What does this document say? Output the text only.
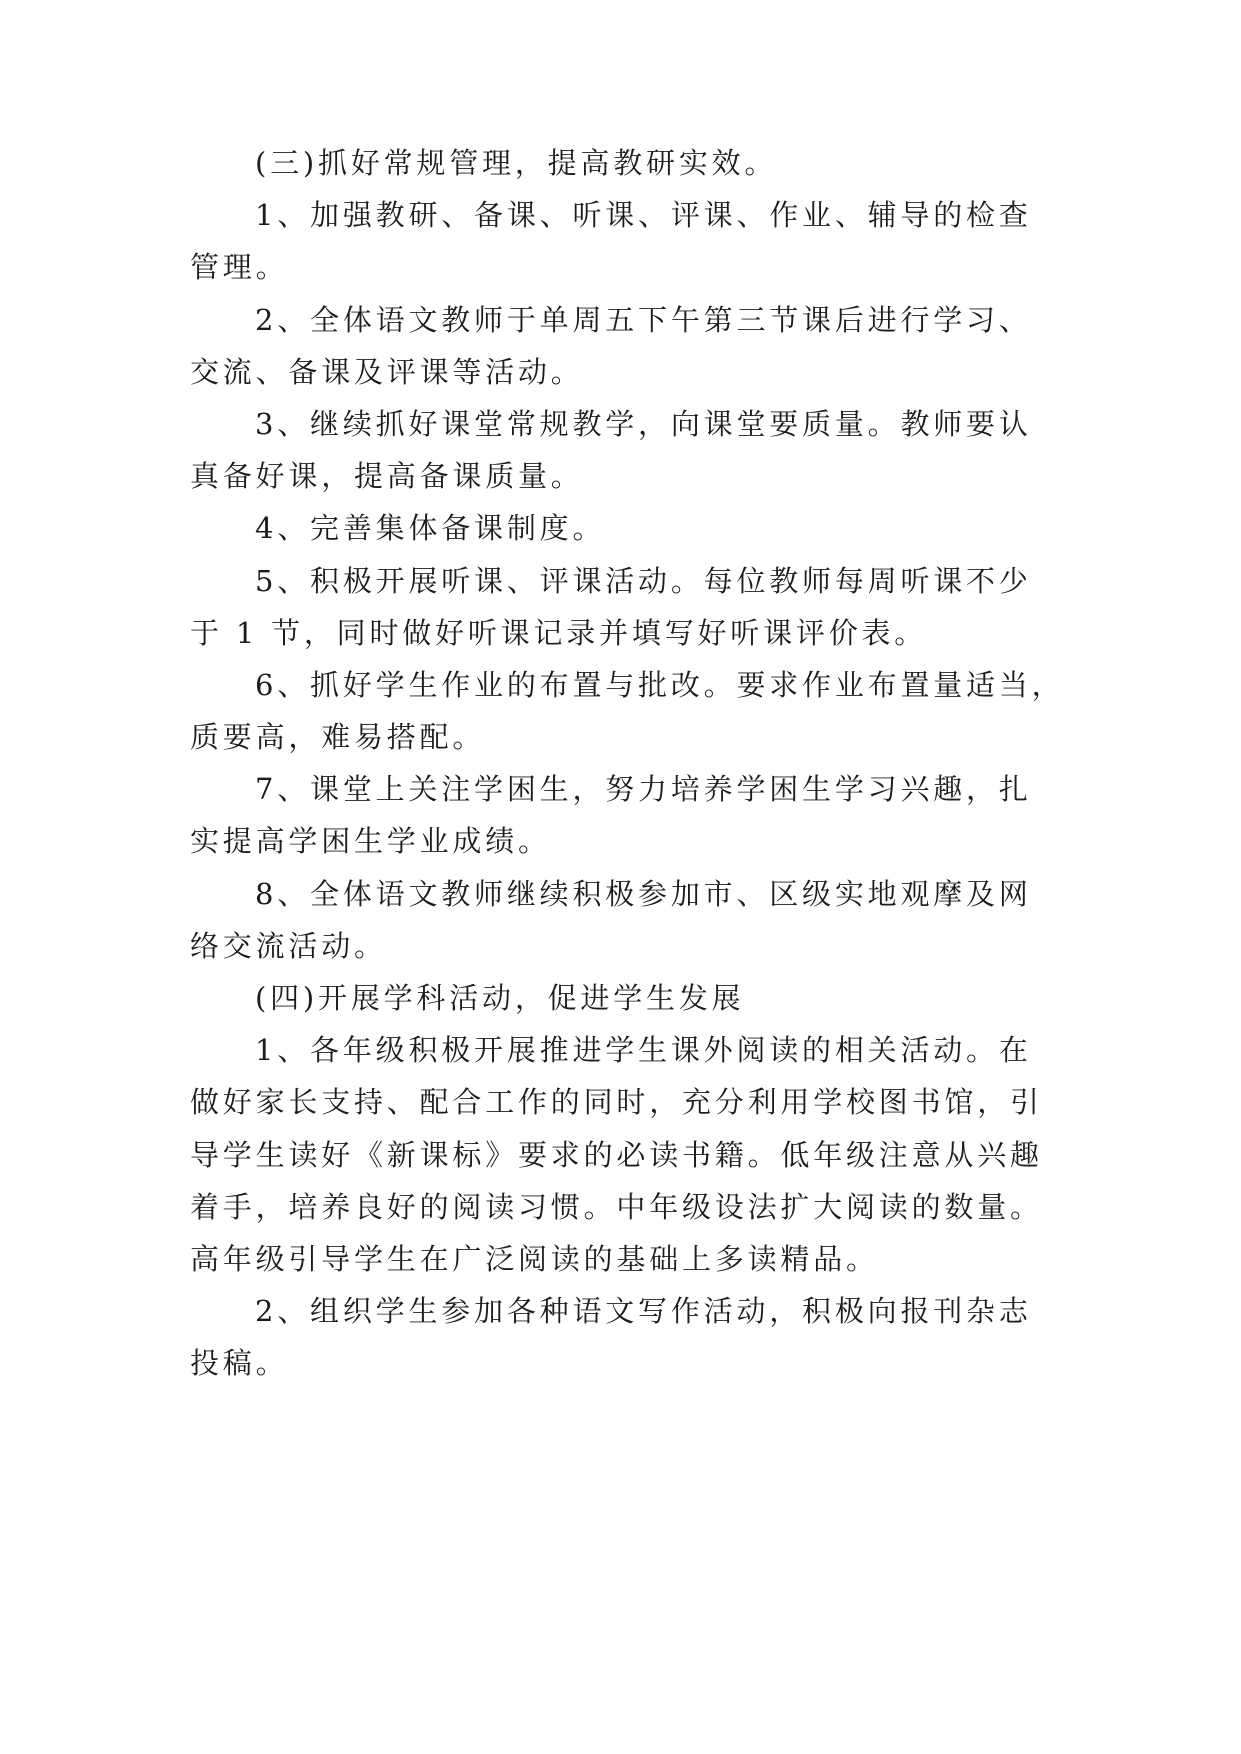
(三)抓好常规管理，提高教研实效。
1、加强教研、备课、听课、评课、作业、辅导的检查
管理。
2、全体语文教师于单周五下午第三节课后进行学习、
交流、备课及评课等活动。
3、继续抓好课堂常规教学，向课堂要质量。教师要认
真备好课，提高备课质量。
4、完善集体备课制度。
5、积极开展听课、评课活动。每位教师每周听课不少
于 1 节，同时做好听课记录并填写好听课评价表。
6、抓好学生作业的布置与批改。要求作业布置量适当，
质要高，难易搭配。
7、课堂上关注学困生，努力培养学困生学习兴趣，扎
实提高学困生学业成绩。
8、全体语文教师继续积极参加市、区级实地观摩及网
络交流活动。
(四)开展学科活动，促进学生发展
1、各年级积极开展推进学生课外阅读的相关活动。在
做好家长支持、配合工作的同时，充分利用学校图书馆，引
导学生读好《新课标》要求的必读书籍。低年级注意从兴趣
着手，培养良好的阅读习惯。中年级设法扩大阅读的数量。
高年级引导学生在广泛阅读的基础上多读精品。
2、组织学生参加各种语文写作活动，积极向报刊杂志
投稿。
